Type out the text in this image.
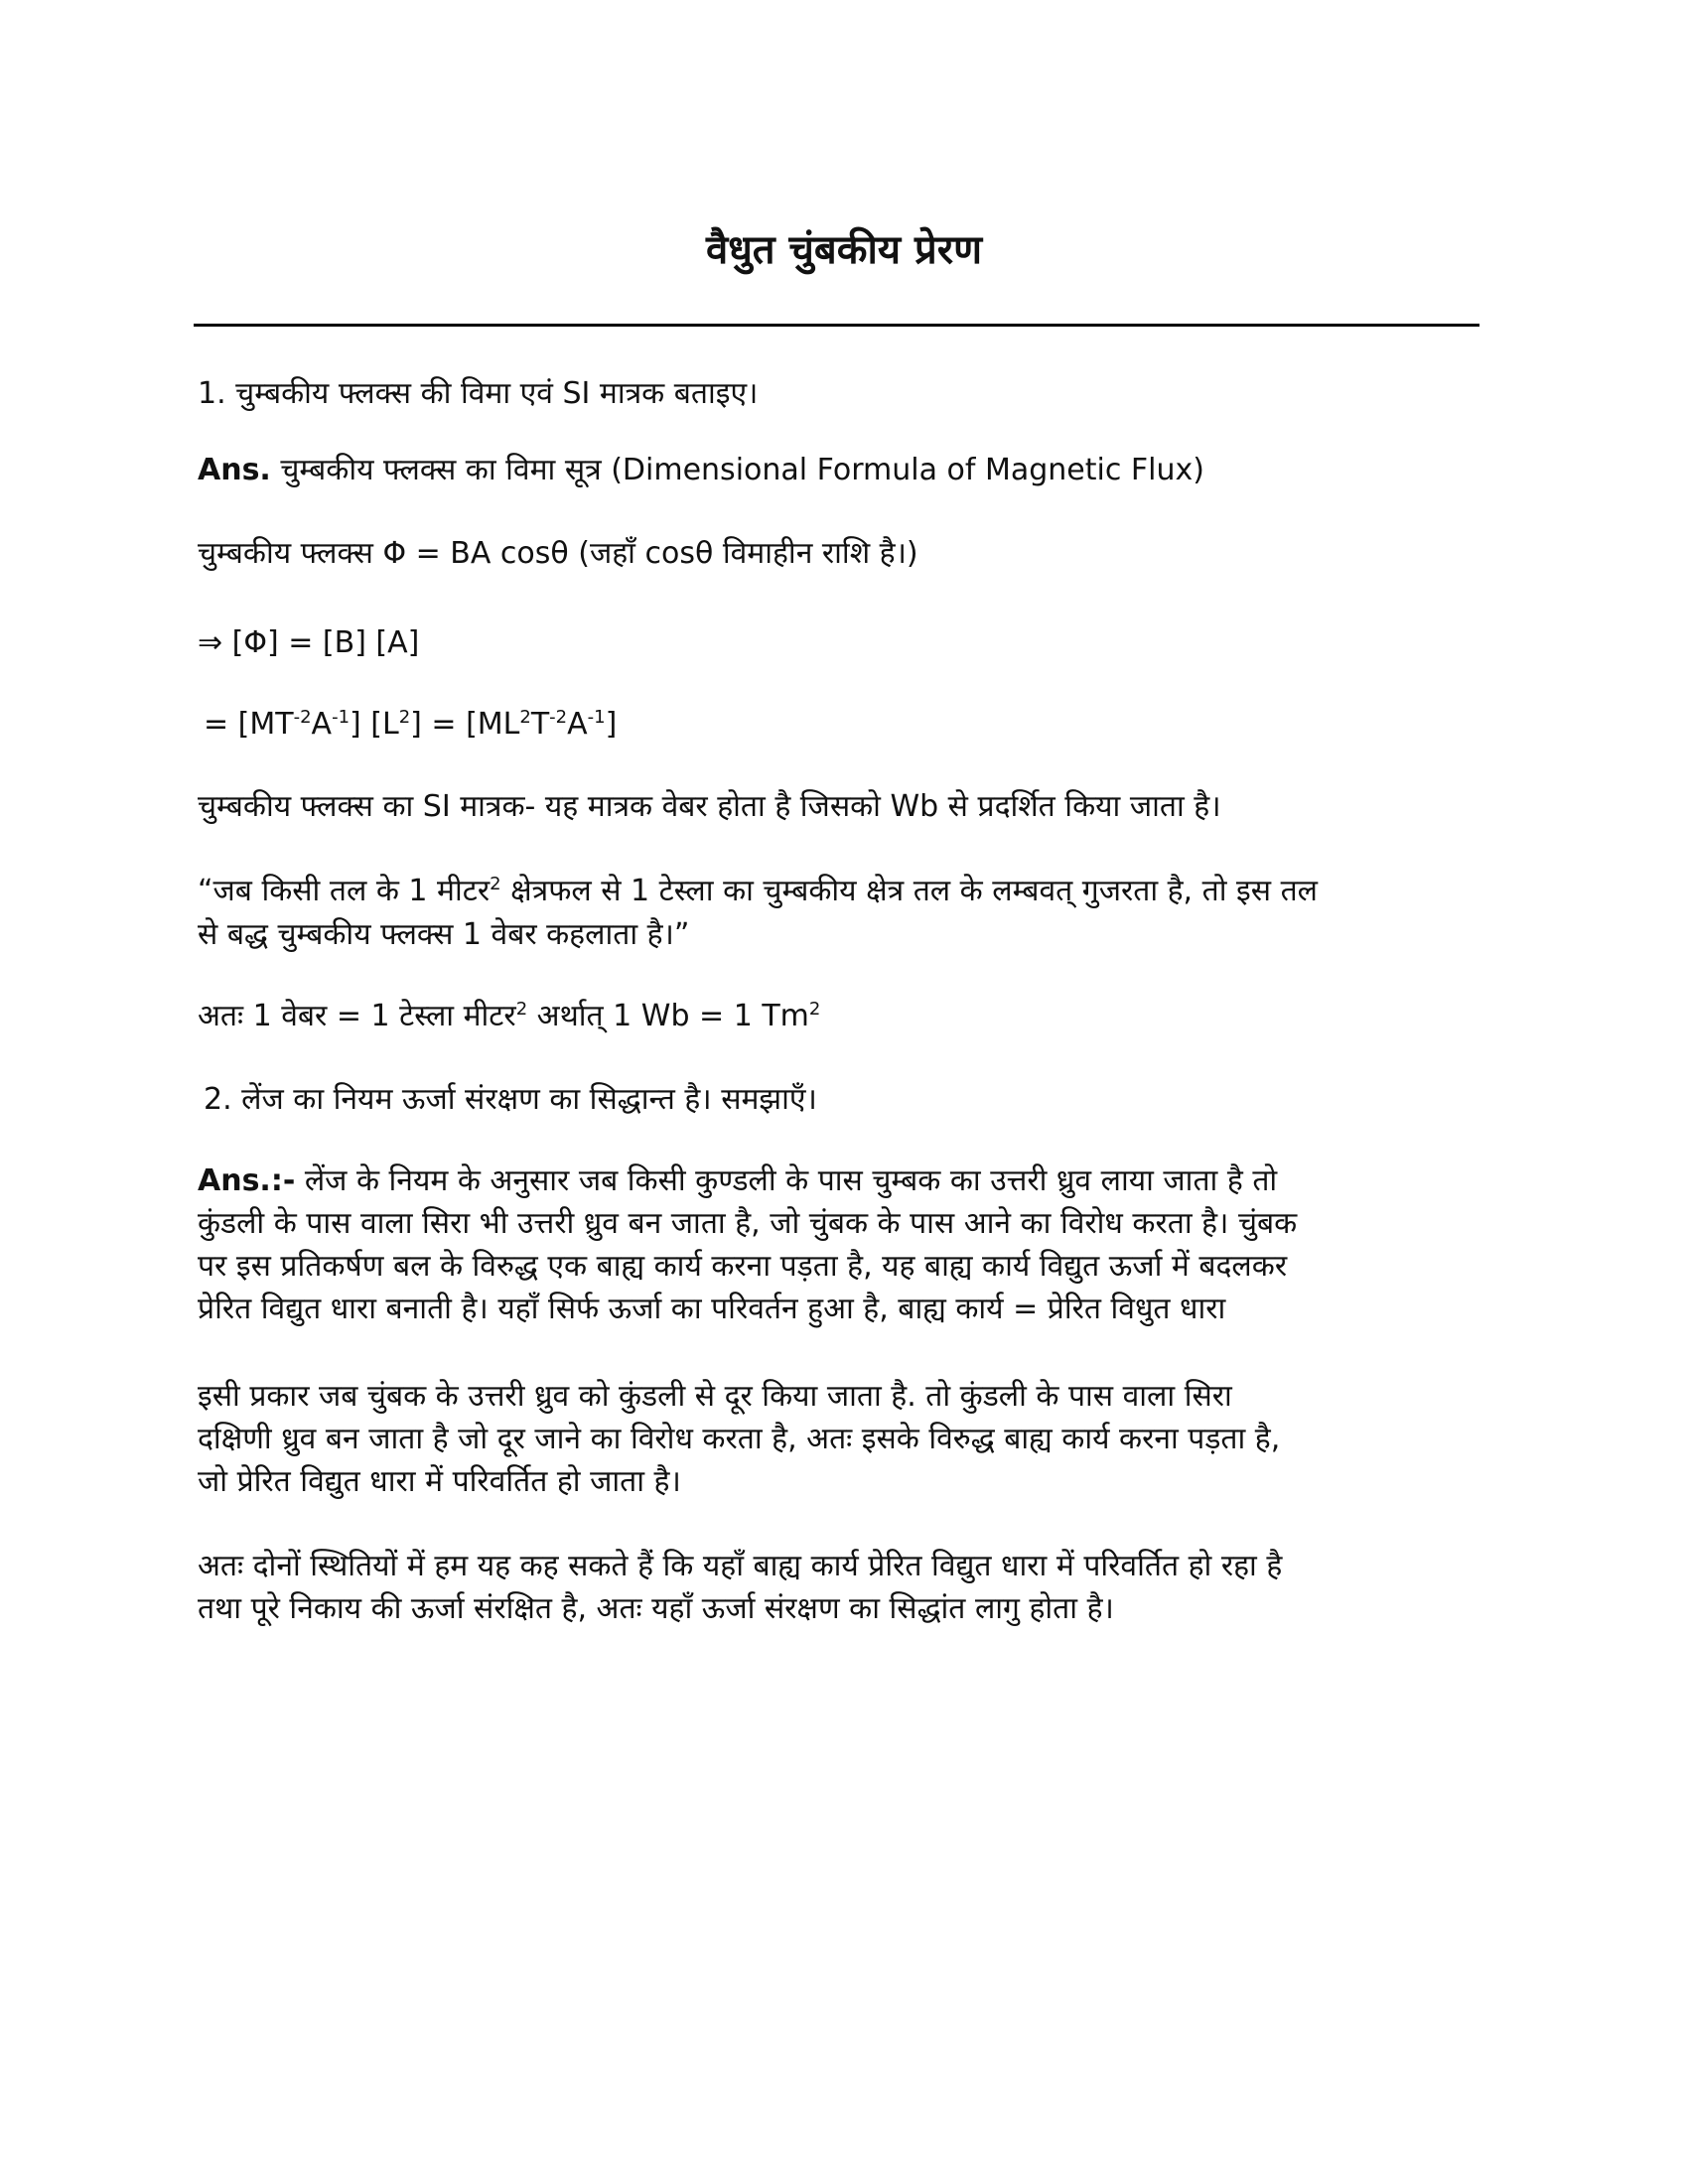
वैधुत चुंबकीय प्रेरण
1. चुम्बकीय फ्लक्स की विमा एवं SI मात्रक बताइए।
Ans. चुम्बकीय फ्लक्स का विमा सूत्र (Dimensional Formula of Magnetic Flux)
चुम्बकीय फ्लक्स Φ = BA cosθ (जहाँ cosθ विमाहीन राशि है।)
⇒ [Φ] = [B] [A]
= $[MT^{-2}A^{-1}] [L^2] = [ML^2T^{-2}A^{-1}]$
चुम्बकीय फ्लक्स का SI मात्रक- यह मात्रक वेबर होता है जिसको Wb से प्रदर्शित किया जाता है।
“जब किसी तल के 1 मीटर$^2$ क्षेत्रफल से 1 टेस्ला का चुम्बकीय क्षेत्र तल के लम्बवत् गुजरता है, तो इस तल
से बद्ध चुम्बकीय फ्लक्स 1 वेबर कहलाता है।”
अतः 1 वेबर = 1 टेस्ला मीटर$^2$ अर्थात् 1 Wb = 1 Tm$^2$
2. लेंज का नियम ऊर्जा संरक्षण का सिद्धान्त है। समझाएँ।
Ans.:- लेंज के नियम के अनुसार जब किसी कुण्डली के पास चुम्बक का उत्तरी ध्रुव लाया जाता है तो
कुंडली के पास वाला सिरा भी उत्तरी ध्रुव बन जाता है, जो चुंबक के पास आने का विरोध करता है। चुंबक
पर इस प्रतिकर्षण बल के विरुद्ध एक बाह्य कार्य करना पड़ता है, यह बाह्य कार्य विद्युत ऊर्जा में बदलकर
प्रेरित विद्युत धारा बनाती है। यहाँ सिर्फ ऊर्जा का परिवर्तन हुआ है, बाह्य कार्य = प्रेरित विधुत धारा
इसी प्रकार जब चुंबक के उत्तरी ध्रुव को कुंडली से दूर किया जाता है. तो कुंडली के पास वाला सिरा
दक्षिणी ध्रुव बन जाता है जो दूर जाने का विरोध करता है, अतः इसके विरुद्ध बाह्य कार्य करना पड़ता है,
जो प्रेरित विद्युत धारा में परिवर्तित हो जाता है।
अतः दोनों स्थितियों में हम यह कह सकते हैं कि यहाँ बाह्य कार्य प्रेरित विद्युत धारा में परिवर्तित हो रहा है
तथा पूरे निकाय की ऊर्जा संरक्षित है, अतः यहाँ ऊर्जा संरक्षण का सिद्धांत लागु होता है।
